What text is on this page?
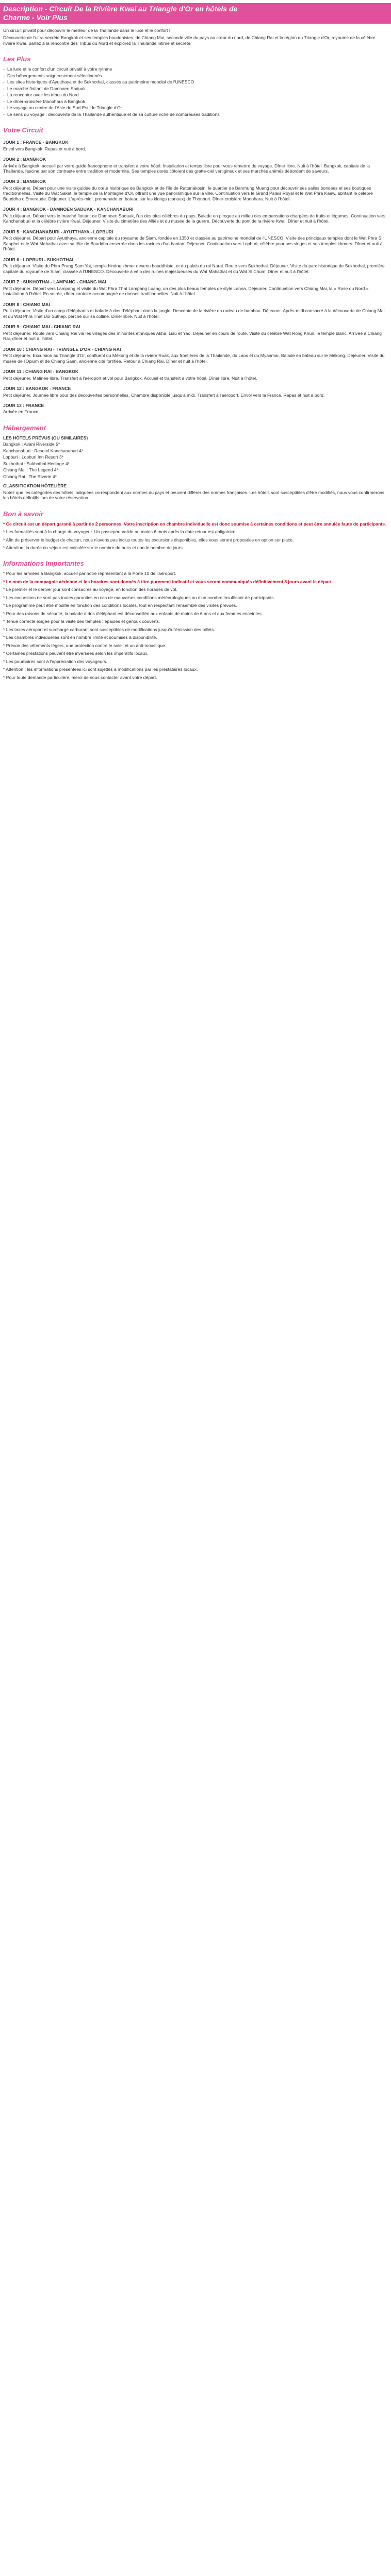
Description - Circuit De la Rivière Kwai au Triangle d'Or en hôtels de
Charme - Voir Plus

Un circuit privatif pour découvrir le meilleur de la Thaïlande dans le luxe et le confort !

Découverte de l'ultra-secrète Bangkok et ses temples bouddhistes, de Chiang Mai, seconde ville du pays au cœur du nord, de Chiang Rai et la région du Triangle d'Or, royaume de la célèbre rivière Kwaï, partez à la rencontre des Tribus du Nord et explorez la Thaïlande intime et secrète.

Les Plus
- Le luxe et le confort d'un circuit privatif à votre rythme
- Des hébergements soigneusement sélectionnés
- Les sites historiques d'Ayutthaya et de Sukhothaï, classés au patrimoine mondial de l'UNESCO
- Le marché flottant de Damnoen Saduak
- La rencontre avec les tribus du Nord
- Le dîner-croisière Manohara à Bangkok
- Le voyage au centre de l'Asie du Sud-Est : le Triangle d'Or
- Le sens du voyage : découverte de la Thaïlande authentique et de sa culture riche de nombreuses traditions
Votre Circuit
JOUR 1 : FRANCE - BANGKOK

Envol vers Bangkok. Repas et nuit à bord.

JOUR 2 : BANGKOK

Arrivée à Bangkok, accueil par votre guide francophone et transfert à votre hôtel. Installation et temps libre pour vous remettre du voyage. Dîner libre. Nuit à l'hôtel. Bangkok, capitale de la Thaïlande, fascine par son contraste entre tradition et modernité. Ses temples dorés côtoient des gratte-ciel vertigineux et ses marchés animés débordent de saveurs.

JOUR 3 : BANGKOK

Petit déjeuner. Départ pour une visite guidée du cœur historique de Bangkok et de l'île de Rattanakosin, le quartier de Banrnung Muang pour découvrir ses salles bondées et ses boutiques traditionnelles. Visite du Wat Saket, le temple de la Montagne d'Or, offrant une vue panoramique sur la ville. Continuation vers le Grand Palais Royal et le Wat Phra Kaew, abritant le célèbre Bouddha d'Émeraude. Déjeuner. L'après-midi, promenade en bateau sur les klongs (canaux) de Thonburi. Dîner-croisière Manohara. Nuit à l'hôtel.

JOUR 4 : BANGKOK - DAMNOEN SADUAK - KANCHANABURI

Petit déjeuner. Départ vers le marché flottant de Damnoen Saduak, l'un des plus célèbres du pays. Balade en pirogue au milieu des embarcations chargées de fruits et légumes. Continuation vers Kanchanaburi et la célèbre rivière Kwai. Déjeuner. Visite du cimetière des Alliés et du musée de la guerre. Découverte du pont de la rivière Kwai. Dîner et nuit à l'hôtel.

JOUR 5 : KANCHANABURI - AYUTTHAYA - LOPBURI

Petit déjeuner. Départ pour Ayutthaya, ancienne capitale du royaume de Siam, fondée en 1350 et classée au patrimoine mondial de l'UNESCO. Visite des principaux temples dont le Wat Phra Si Sanphet et le Wat Mahathat avec sa tête de Bouddha enserrée dans les racines d'un banian. Déjeuner. Continuation vers Lopburi, célèbre pour ses singes et ses temples khmers. Dîner et nuit à l'hôtel.

JOUR 6 : LOPBURI - SUKHOTHAI

Petit déjeuner. Visite du Phra Prang Sam Yot, temple hindou khmer devenu bouddhiste, et du palais du roi Narai. Route vers Sukhothai. Déjeuner. Visite du parc historique de Sukhothai, première capitale du royaume de Siam, classée à l'UNESCO. Découverte à vélo des ruines majestueuses du Wat Mahathat et du Wat Si Chum. Dîner et nuit à l'hôtel.

JOUR 7 : SUKHOTHAI - LAMPANG - CHIANG MAI

Petit déjeuner. Départ vers Lampang et visite du Wat Phra That Lampang Luang, un des plus beaux temples de style Lanna. Déjeuner. Continuation vers Chiang Mai, la « Rose du Nord ». Installation à l'hôtel. En soirée, dîner kantoke accompagné de danses traditionnelles. Nuit à l'hôtel.

JOUR 8 : CHIANG MAI

Petit déjeuner. Visite d'un camp d'éléphants et balade à dos d'éléphant dans la jungle. Descente de la rivière en radeau de bambou. Déjeuner. Après-midi consacré à la découverte de Chiang Mai et du Wat Phra That Doi Suthep, perché sur sa colline. Dîner libre. Nuit à l'hôtel.

JOUR 9 : CHIANG MAI - CHIANG RAI

Petit déjeuner. Route vers Chiang Rai via les villages des minorités ethniques Akha, Lisu et Yao. Déjeuner en cours de route. Visite du célèbre Wat Rong Khun, le temple blanc. Arrivée à Chiang Rai, dîner et nuit à l'hôtel.

JOUR 10 : CHIANG RAI - TRIANGLE D'OR - CHIANG RAI

Petit déjeuner. Excursion au Triangle d'Or, confluent du Mékong et de la rivière Ruak, aux frontières de la Thaïlande, du Laos et du Myanmar. Balade en bateau sur le Mékong. Déjeuner. Visite du musée de l'Opium et de Chiang Saen, ancienne cité fortifiée. Retour à Chiang Rai. Dîner et nuit à l'hôtel.

JOUR 11 : CHIANG RAI - BANGKOK

Petit déjeuner. Matinée libre. Transfert à l'aéroport et vol pour Bangkok. Accueil et transfert à votre hôtel. Dîner libre. Nuit à l'hôtel.

JOUR 12 : BANGKOK - FRANCE

Petit déjeuner. Journée libre pour des découvertes personnelles. Chambre disponible jusqu'à midi. Transfert à l'aéroport. Envol vers la France. Repas et nuit à bord.

JOUR 13 : FRANCE

Arrivée en France.

Hébergement
LES HÔTELS PRÉVUS (OU SIMILAIRES)

Bangkok : Avani Riverside 5*

Kanchanaburi : Resotel Kanchanaburi 4*

Lopburi : Lopburi Inn Resort 3*

Sukhothai : Sukhothai Heritage 4*

Chiang Mai : The Legend 4*

Chiang Rai : The Riverie 4*

CLASSIFICATION HÔTELIÈRE

Notez que les catégories des hôtels indiquées correspondent aux normes du pays et peuvent différer des normes françaises. Les hôtels sont susceptibles d'être modifiés, nous vous confirmerons les hôtels définitifs lors de votre réservation.

Bon à savoir

* Ce circuit est un départ garanti à partir de 2 personnes. Votre inscription en chambre individuelle est donc soumise à certaines conditions et peut être annulée faute de participants.

* Les formalités sont à la charge du voyageur. Un passeport valide au moins 6 mois après la date retour est obligatoire.

* Afin de préserver le budget de chacun, nous n'avons pas inclus toutes les excursions disponibles, elles vous seront proposées en option sur place.

* Attention, la durée du séjour est calculée sur le nombre de nuits et non le nombre de jours.

Informations Importantes

* Pour les arrivées à Bangkok, accueil par notre représentant à la Porte 10 de l'aéroport.

* Le nom de la compagnie aérienne et les horaires sont donnés à titre purement indicatif et vous seront communiqués définitivement 8 jours avant le départ.

* Le premier et le dernier jour sont consacrés au voyage, en fonction des horaires de vol.

* Les excursions ne sont pas toutes garanties en cas de mauvaises conditions météorologiques ou d'un nombre insuffisant de participants.

* Le programme peut être modifié en fonction des conditions locales, tout en respectant l'ensemble des visites prévues.

* Pour des raisons de sécurité, la balade à dos d'éléphant est déconseillée aux enfants de moins de 6 ans et aux femmes enceintes.

* Tenue correcte exigée pour la visite des temples : épaules et genoux couverts.

* Les taxes aéroport et surcharge carburant sont susceptibles de modifications jusqu'à l'émission des billets.

* Les chambres individuelles sont en nombre limité et soumises à disponibilité.

* Prévoir des vêtements légers, une protection contre le soleil et un anti-moustique.

* Certaines prestations peuvent être inversées selon les impératifs locaux.

* Les pourboires sont à l'appréciation des voyageurs.

* Attention : les informations présentées ici sont sujettes à modifications par les prestataires locaux.

* Pour toute demande particulière, merci de nous contacter avant votre départ.
